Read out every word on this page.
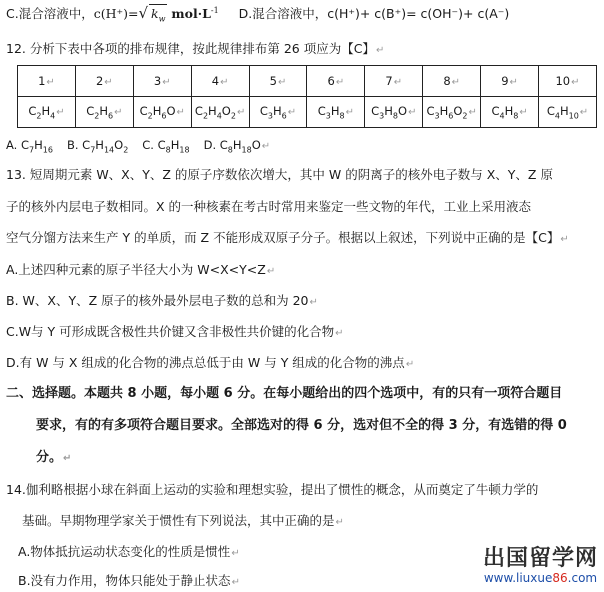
C.混合溶液中，c(H⁺)=√ $k_w$ $mol\cdot L^{-1}$ D.混合溶液中，c(H⁺)+ c(B⁺)= c(OH⁻)+ c(A⁻)
12. 分析下表中各项的排布规律，按此规律排布第 26 项应为【C】↵
1↵	2↵	3↵	4↵	5↵	6↵	7↵	8↵	9↵	10↵
$C_2H_4↵$	$C_2H_6↵$	$C_2H_6O↵$	$C_2H_4O_2↵$	$C_3H_6↵$	$C_3H_8↵$	$C_3H_8O↵$	$C_3H_6O_2↵$	$C_4H_8↵$	$C_4H_{10}↵$
A. $C_7H_{16}$ B. $C_7H_{14}O_2$ C. $C_8H_{18}$ D. $C_8H_{18}O↵$
13. 短周期元素 W、X、Y、Z 的原子序数依次增大，其中 W 的阴离子的核外电子数与 X、Y、Z 原
子的核外内层电子数相同。X 的一种核素在考古时常用来鉴定一些文物的年代，工业上采用液态
空气分馏方法来生产 Y 的单质，而 Z 不能形成双原子分子。根据以上叙述，下列说中正确的是【C】↵
A.上述四种元素的原子半径大小为 W<X<Y<Z↵
B. W、X、Y、Z 原子的核外最外层电子数的总和为 20↵
C.W与 Y 可形成既含极性共价键又含非极性共价键的化合物↵
D.有 W 与 X 组成的化合物的沸点总低于由 W 与 Y 组成的化合物的沸点↵
二、选择题。本题共 8 小题，每小题 6 分。在每小题给出的四个选项中，有的只有一项符合题目
要求，有的有多项符合题目要求。全部选对的得 6 分，选对但不全的得 3 分，有选错的得 0
分。↵
14.伽利略根据小球在斜面上运动的实验和理想实验，提出了惯性的概念，从而奠定了牛顿力学的
基础。早期物理学家关于惯性有下列说法，其中正确的是↵
A.物体抵抗运动状态变化的性质是惯性↵
B.没有力作用，物体只能处于静止状态↵
出国留学网
www.liuxue86.com
